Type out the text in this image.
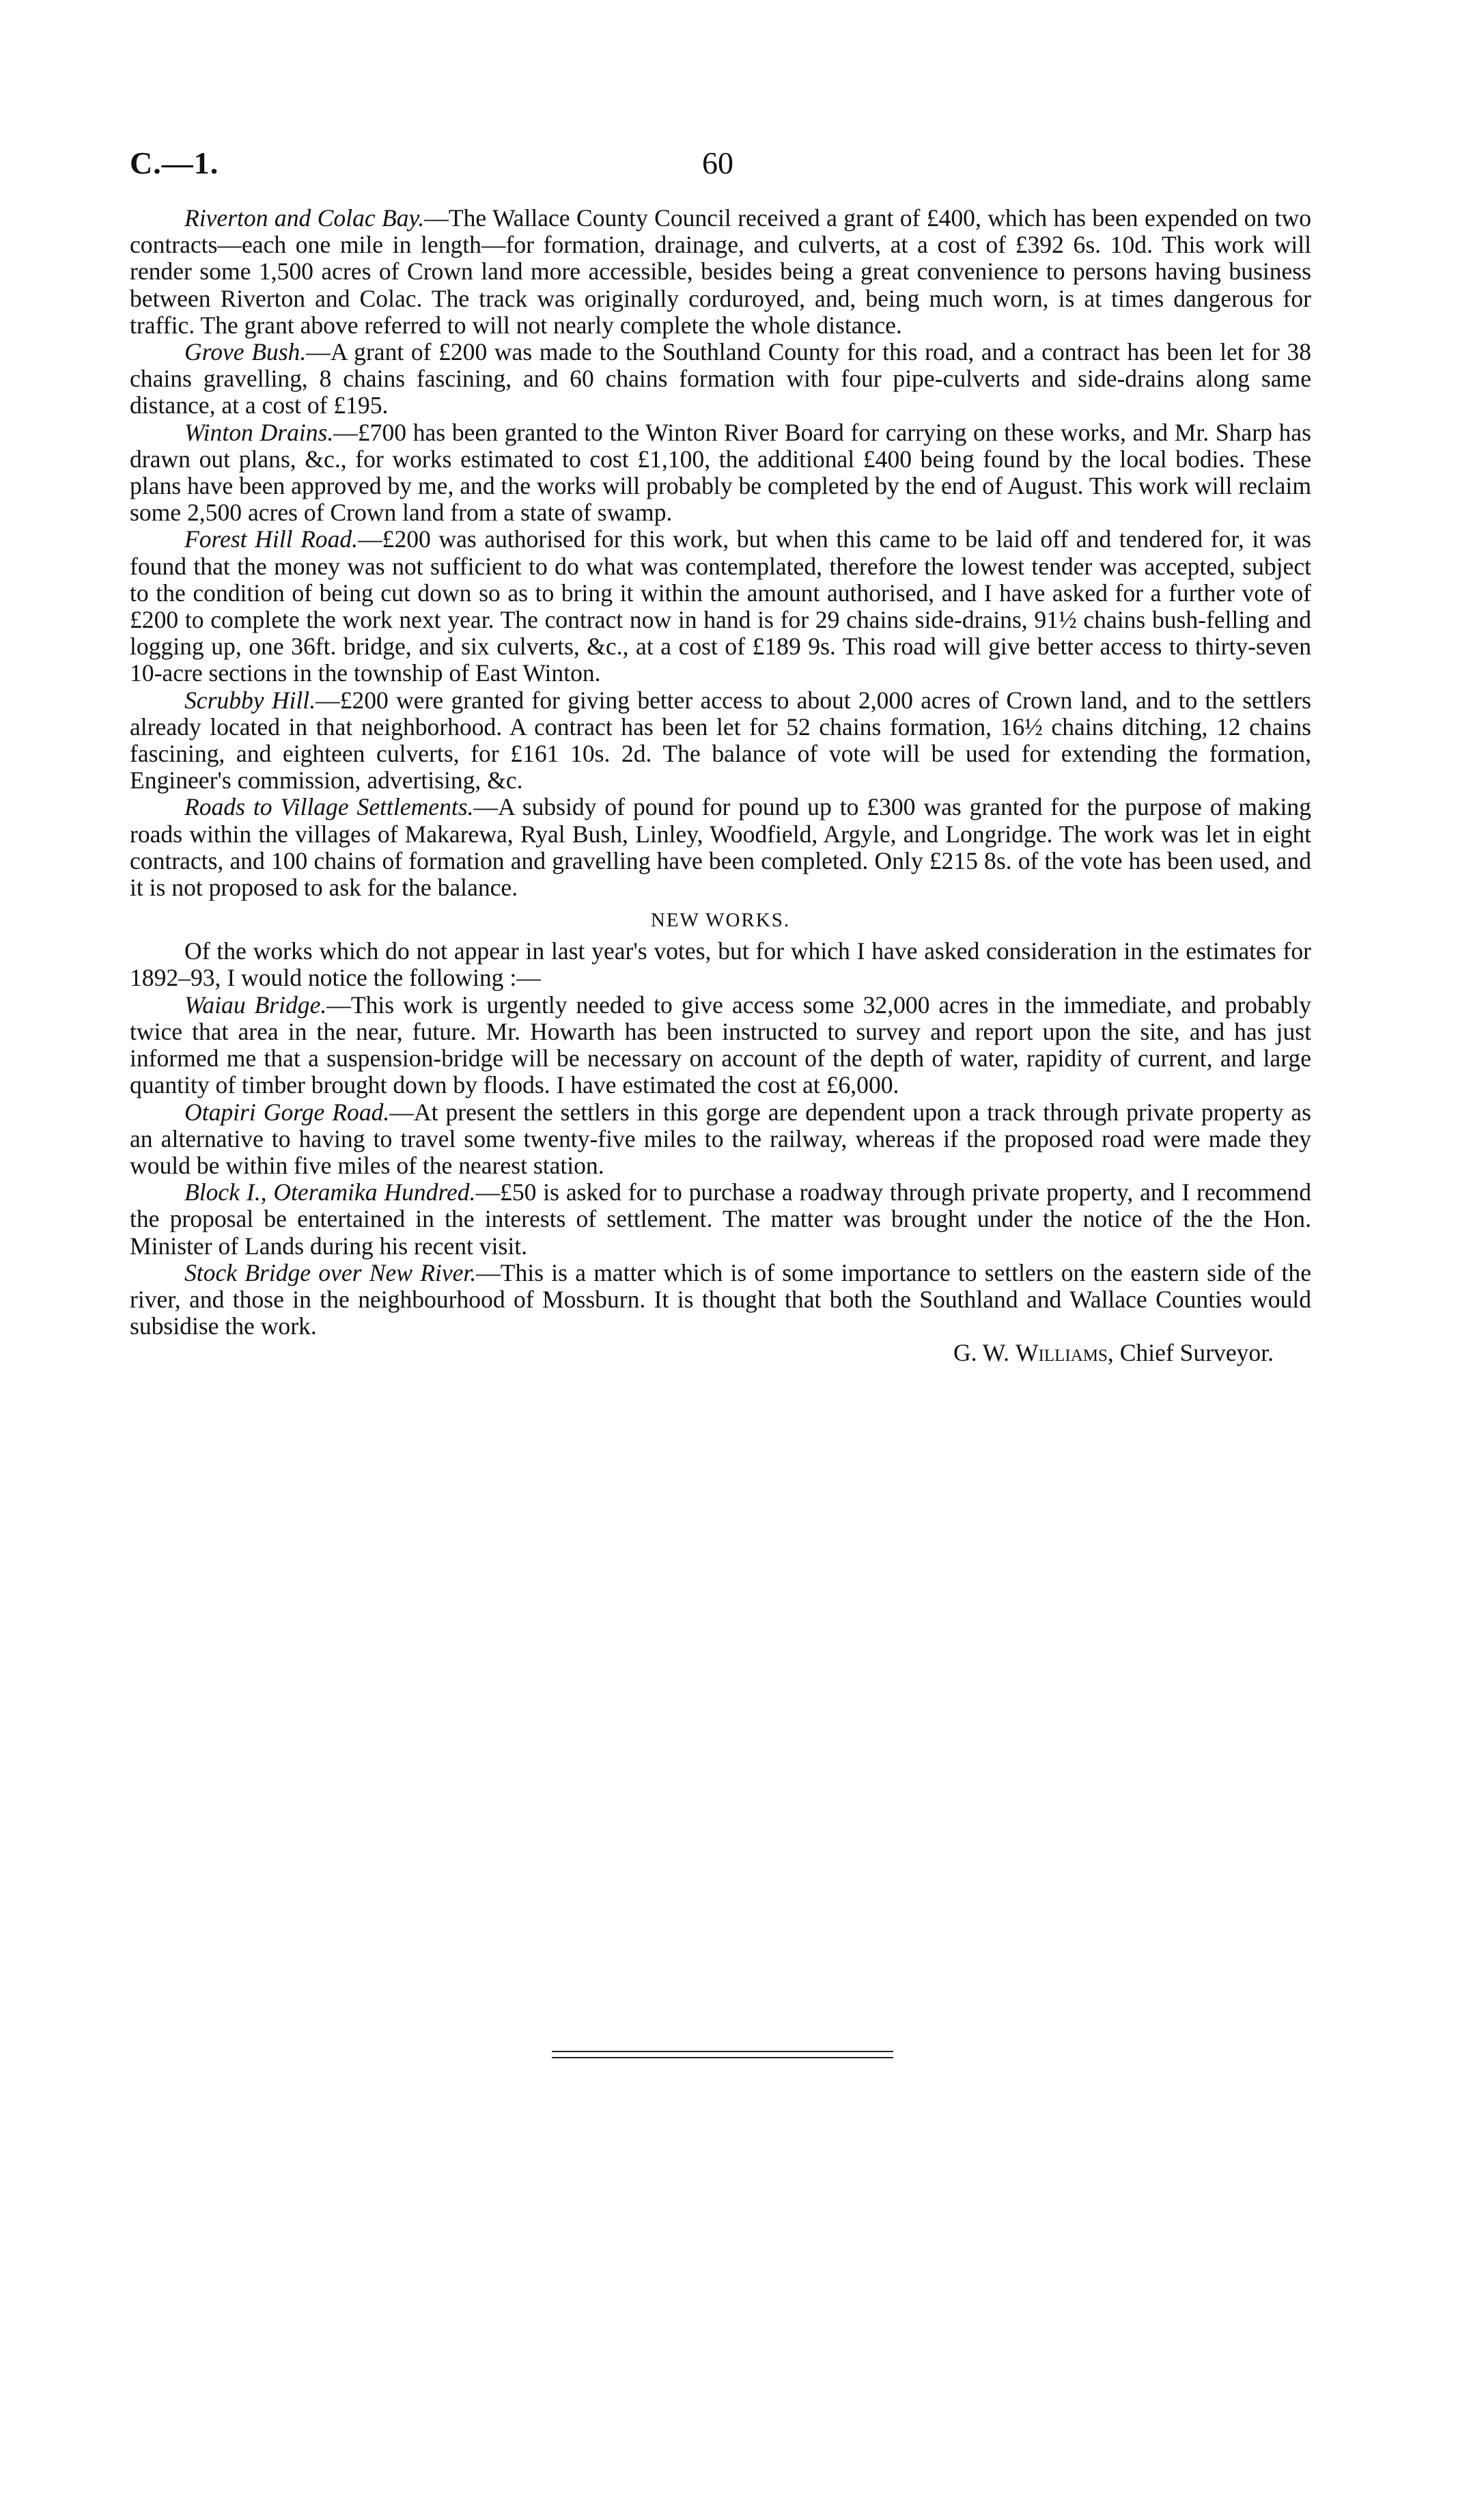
C.—1.	60

Riverton and Colac Bay.—The Wallace County Council received a grant of £400, which has been expended on two contracts—each one mile in length—for formation, drainage, and culverts, at a cost of £392 6s. 10d. This work will render some 1,500 acres of Crown land more accessible, besides being a great convenience to persons having business between Riverton and Colac. The track was originally corduroyed, and, being much worn, is at times dangerous for traffic. The grant above referred to will not nearly complete the whole distance.

Grove Bush.—A grant of £200 was made to the Southland County for this road, and a contract has been let for 38 chains gravelling, 8 chains fascining, and 60 chains formation with four pipe-culverts and side-drains along same distance, at a cost of £195.

Winton Drains.—£700 has been granted to the Winton River Board for carrying on these works, and Mr. Sharp has drawn out plans, &c., for works estimated to cost £1,100, the additional £400 being found by the local bodies. These plans have been approved by me, and the works will probably be completed by the end of August. This work will reclaim some 2,500 acres of Crown land from a state of swamp.

Forest Hill Road.—£200 was authorised for this work, but when this came to be laid off and tendered for, it was found that the money was not sufficient to do what was contemplated, therefore the lowest tender was accepted, subject to the condition of being cut down so as to bring it within the amount authorised, and I have asked for a further vote of £200 to complete the work next year. The contract now in hand is for 29 chains side-drains, 91½ chains bush-felling and logging up, one 36ft. bridge, and six culverts, &c., at a cost of £189 9s. This road will give better access to thirty-seven 10-acre sections in the township of East Winton.

Scrubby Hill.—£200 were granted for giving better access to about 2,000 acres of Crown land, and to the settlers already located in that neighborhood. A contract has been let for 52 chains formation, 16½ chains ditching, 12 chains fascining, and eighteen culverts, for £161 10s. 2d. The balance of vote will be used for extending the formation, Engineer's commission, advertising, &c.

Roads to Village Settlements.—A subsidy of pound for pound up to £300 was granted for the purpose of making roads within the villages of Makarewa, Ryal Bush, Linley, Woodfield, Argyle, and Longridge. The work was let in eight contracts, and 100 chains of formation and gravelling have been completed. Only £215 8s. of the vote has been used, and it is not proposed to ask for the balance.

NEW WORKS.

Of the works which do not appear in last year's votes, but for which I have asked consideration in the estimates for 1892–93, I would notice the following :—

Waiau Bridge.—This work is urgently needed to give access some 32,000 acres in the immediate, and probably twice that area in the near, future. Mr. Howarth has been instructed to survey and report upon the site, and has just informed me that a suspension-bridge will be necessary on account of the depth of water, rapidity of current, and large quantity of timber brought down by floods. I have estimated the cost at £6,000.

Otapiri Gorge Road.—At present the settlers in this gorge are dependent upon a track through private property as an alternative to having to travel some twenty-five miles to the railway, whereas if the proposed road were made they would be within five miles of the nearest station.

Block I., Oteramika Hundred.—£50 is asked for to purchase a roadway through private property, and I recommend the proposal be entertained in the interests of settlement. The matter was brought under the notice of the the Hon. Minister of Lands during his recent visit.

Stock Bridge over New River.—This is a matter which is of some importance to settlers on the eastern side of the river, and those in the neighbourhood of Mossburn. It is thought that both the Southland and Wallace Counties would subsidise the work.

G. W. Williams, Chief Surveyor.
